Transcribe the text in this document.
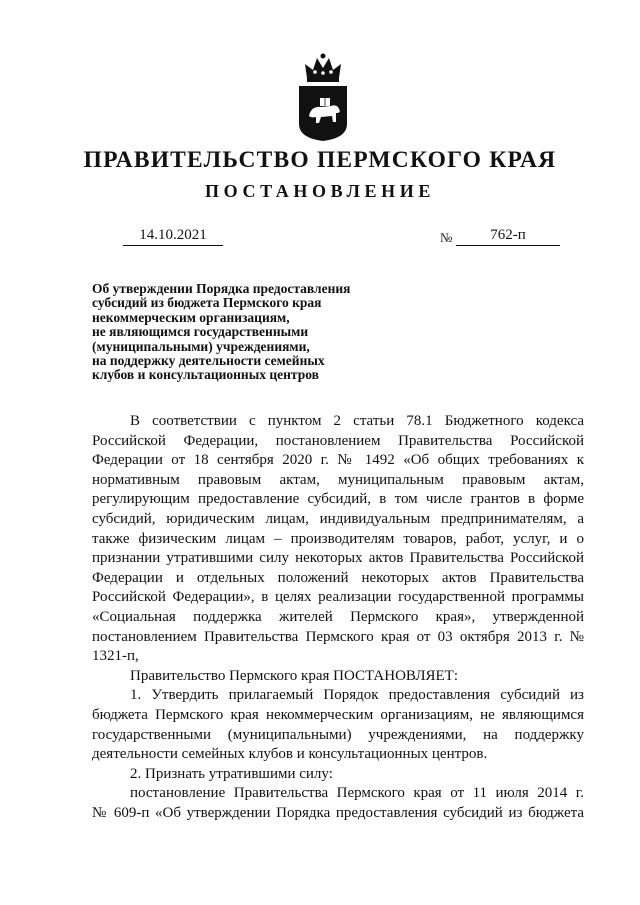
ПРАВИТЕЛЬСТВО ПЕРМСКОГО КРАЯ
ПОСТАНОВЛЕНИЕ
14.10.2021	№	762-п
Об утверждении Порядка предоставления
субсидий из бюджета Пермского края
некоммерческим организациям,
не являющимся государственными
(муниципальными) учреждениями,
на поддержку деятельности семейных
клубов и консультационных центров

В соответствии с пунктом 2 статьи 78.1 Бюджетного кодекса Российской Федерации, постановлением Правительства Российской Федерации от 18 сентября 2020 г. № 1492 «Об общих требованиях к нормативным правовым актам, муниципальным правовым актам, регулирующим предоставление субсидий, в том числе грантов в форме субсидий, юридическим лицам, индивидуальным предпринимателям, а также физическим лицам – производителям товаров, работ, услуг, и о признании утратившими силу некоторых актов Правительства Российской Федерации и отдельных положений некоторых актов Правительства Российской Федерации», в целях реализации государственной программы «Социальная поддержка жителей Пермского края», утвержденной постановлением Правительства Пермского края от 03 октября 2013 г. № 1321-п,

Правительство Пермского края ПОСТАНОВЛЯЕТ:

1. Утвердить прилагаемый Порядок предоставления субсидий из бюджета Пермского края некоммерческим организациям, не являющимся государственными (муниципальными) учреждениями, на поддержку деятельности семейных клубов и консультационных центров.

2. Признать утратившими силу:

постановление Правительства Пермского края от 11 июля 2014 г.

№ 609-п «Об утверждении Порядка предоставления субсидий из бюджета
